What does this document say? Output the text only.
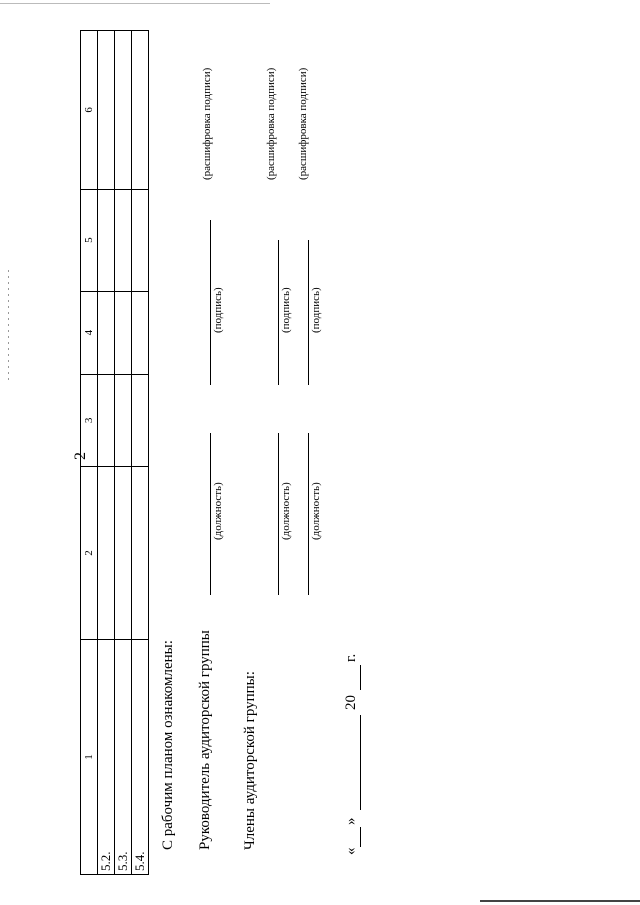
2
1	2	3	4	5	6
5.2.					
5.3.					
5.4.					
С рабочим планом ознакомлены: Руководитель аудиторской группы
(должность)
(подпись)
(расшифровка подписи)
Члены аудиторской группы:
(должность)
(подпись)
(расшифровка подписи)
(должность)
(подпись)
(расшифровка подписи)
«
»
20
г.
